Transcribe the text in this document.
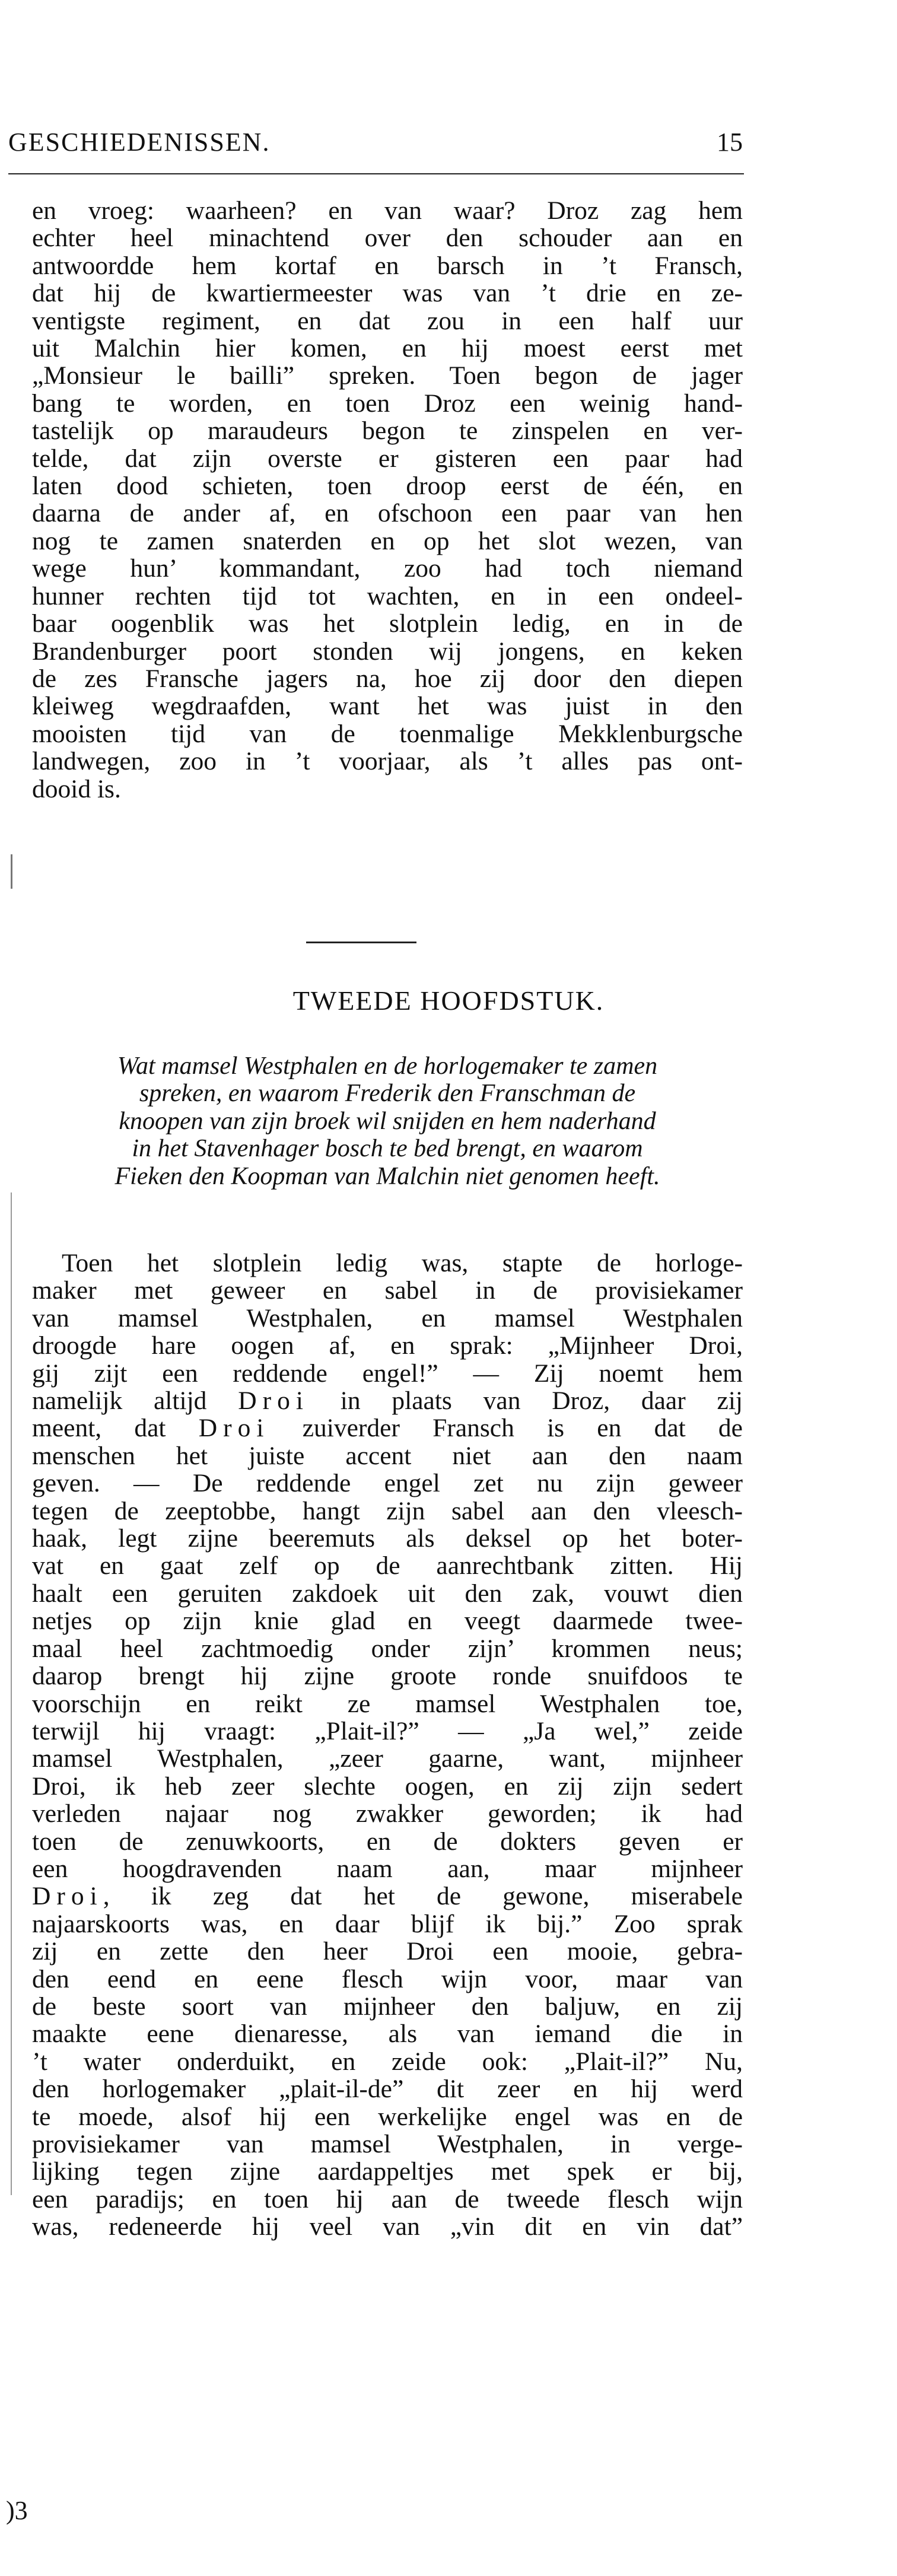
GESCHIEDENISSEN.	15
en vroeg: waarheen? en van waar? Droz zag hem
echter heel minachtend over den schouder aan en
antwoordde hem kortaf en barsch in ’t Fransch,
dat hij de kwartiermeester was van ’t drie en ze-
ventigste regiment, en dat zou in een half uur
uit Malchin hier komen, en hij moest eerst met
„Monsieur le bailli” spreken. Toen begon de jager
bang te worden, en toen Droz een weinig hand-
tastelijk op maraudeurs begon te zinspelen en ver-
telde, dat zijn overste er gisteren een paar had
laten dood schieten, toen droop eerst de één, en
daarna de ander af, en ofschoon een paar van hen
nog te zamen snaterden en op het slot wezen, van
wege hun’ kommandant, zoo had toch niemand
hunner rechten tijd tot wachten, en in een ondeel-
baar oogenblik was het slotplein ledig, en in de
Brandenburger poort stonden wij jongens, en keken
de zes Fransche jagers na, hoe zij door den diepen
kleiweg wegdraafden, want het was juist in den
mooisten tijd van de toenmalige Mekklenburgsche
landwegen, zoo in ’t voorjaar, als ’t alles pas ont-
dooid is.
TWEEDE HOOFDSTUK.
Wat mamsel Westphalen en de horlogemaker te zamen
spreken, en waarom Frederik den Franschman de
knoopen van zijn broek wil snijden en hem naderhand
in het Stavenhager bosch te bed brengt, en waarom
Fieken den Koopman van Malchin niet genomen heeft.
Toen het slotplein ledig was, stapte de horloge-
maker met geweer en sabel in de provisiekamer
van mamsel Westphalen, en mamsel Westphalen
droogde hare oogen af, en sprak: „Mijnheer Droi,
gij zijt een reddende engel!” — Zij noemt hem
namelijk altijd Droi in plaats van Droz, daar zij
meent, dat Droi zuiverder Fransch is en dat de
menschen het juiste accent niet aan den naam
geven. — De reddende engel zet nu zijn geweer
tegen de zeeptobbe, hangt zijn sabel aan den vleesch-
haak, legt zijne beeremuts als deksel op het boter-
vat en gaat zelf op de aanrechtbank zitten. Hij
haalt een geruiten zakdoek uit den zak, vouwt dien
netjes op zijn knie glad en veegt daarmede twee-
maal heel zachtmoedig onder zijn’ krommen neus;
daarop brengt hij zijne groote ronde snuifdoos te
voorschijn en reikt ze mamsel Westphalen toe,
terwijl hij vraagt: „Plait-il?” — „Ja wel,” zeide
mamsel Westphalen, „zeer gaarne, want, mijnheer
Droi, ik heb zeer slechte oogen, en zij zijn sedert
verleden najaar nog zwakker geworden; ik had
toen de zenuwkoorts, en de dokters geven er
een hoogdravenden naam aan, maar mijnheer
Droi, ik zeg dat het de gewone, miserabele
najaarskoorts was, en daar blijf ik bij.” Zoo sprak
zij en zette den heer Droi een mooie, gebra-
den eend en eene flesch wijn voor, maar van
de beste soort van mijnheer den baljuw, en zij
maakte eene dienaresse, als van iemand die in
’t water onderduikt, en zeide ook: „Plait-il?” Nu,
den horlogemaker „plait-il-de” dit zeer en hij werd
te moede, alsof hij een werkelijke engel was en de
provisiekamer van mamsel Westphalen, in verge-
lijking tegen zijne aardappeltjes met spek er bij,
een paradijs; en toen hij aan de tweede flesch wijn
was, redeneerde hij veel van „vin dit en vin dat”
)3
